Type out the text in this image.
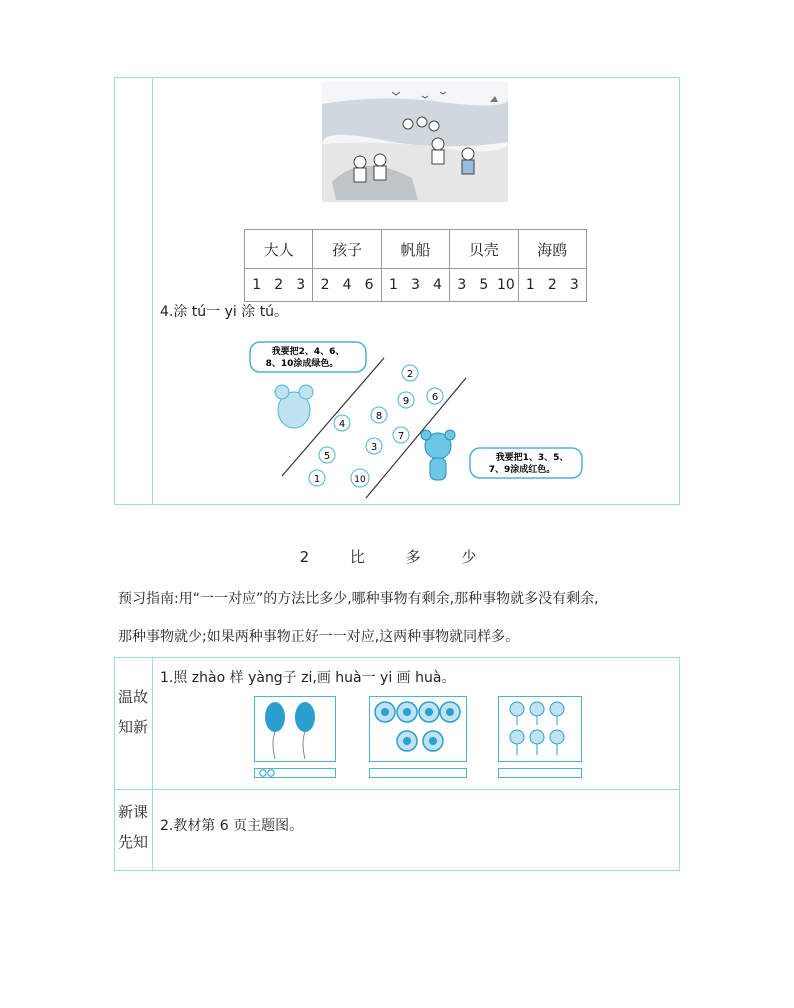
大人	孩子	帆船	贝壳	海鸥
1 2 3	2 4 6	1 3 4	3 5 10	1 2 3
4.涂 tú一 yi 涂 tú。
我要把2、4、6、
8、10涂成绿色。
2
6
9
8
4
7
3
5
1	10
我要把1、3、5、
7、9涂成红色。
2 比 多 少
预习指南:用“一一对应”的方法比多少,哪种事物有剩余,那种事物就多没有剩余,
那种事物就少;如果两种事物正好一一对应,这两种事物就同样多。
温故
知新
新课
先知
1.照 zhào 样 yàng子 zi,画 huà一 yi 画 huà。
2.教材第 6 页主题图。
